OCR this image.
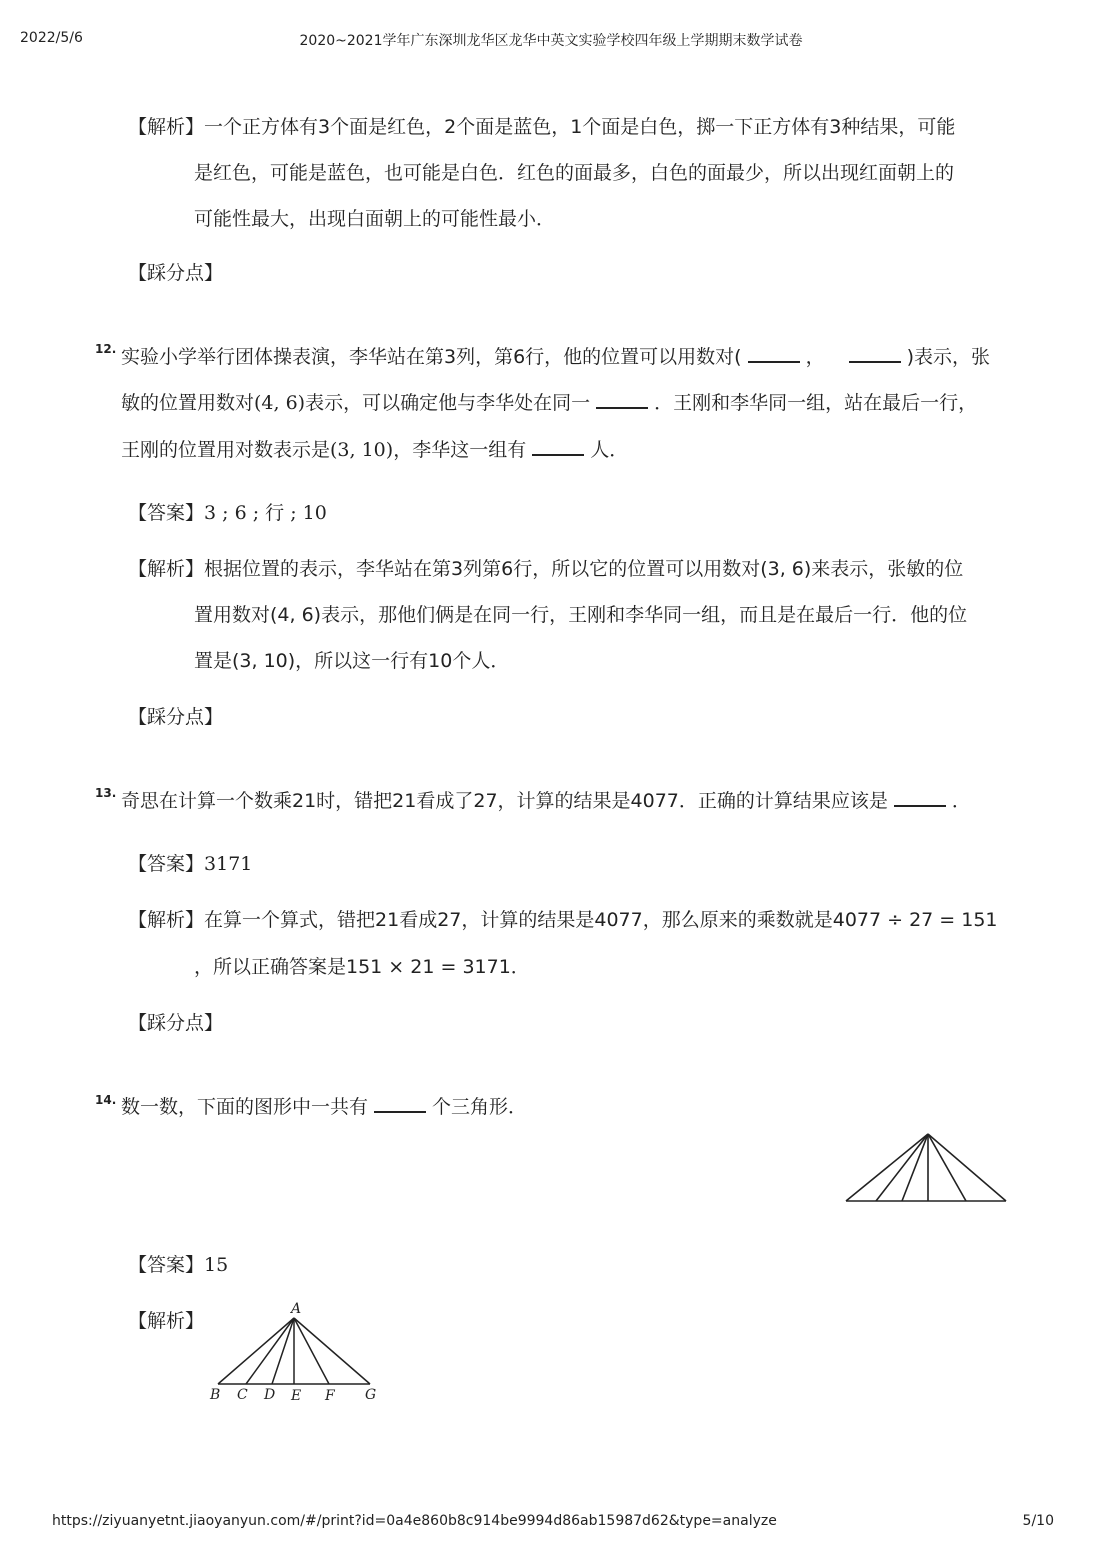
2022/5/6	2020~2021学年广东深圳龙华区龙华中英文实验学校四年级上学期期末数学试卷
【解析】一个正方体有3个面是红色，2个面是蓝色，1个面是白色，掷一下正方体有3种结果，可能
是红色，可能是蓝色，也可能是白色．红色的面最多，白色的面最少，所以出现红面朝上的
可能性最大，出现白面朝上的可能性最小．
【踩分点】
12. 实验小学举行团体操表演，李华站在第3列，第6行，他的位置可以用数对(	，	)表示，张
敏的位置用数对(4, 6)表示，可以确定他与李华处在同一	．王刚和李华同一组，站在最后一行，
王刚的位置用对数表示是(3, 10)，李华这一组有	人．
【答案】3 ; 6 ; 行 ; 10
【解析】根据位置的表示，李华站在第3列第6行，所以它的位置可以用数对(3, 6)来表示，张敏的位
置用数对(4, 6)表示，那他们俩是在同一行，王刚和李华同一组，而且是在最后一行．他的位
置是(3, 10)，所以这一行有10个人．
【踩分点】
13. 奇思在计算一个数乘21时，错把21看成了27，计算的结果是4077．正确的计算结果应该是	．
【答案】3171
【解析】在算一个算式，错把21看成27，计算的结果是4077，那么原来的乘数就是4077 ÷ 27 = 151
，所以正确答案是151 × 21 = 3171．
【踩分点】
14. 数一数，下面的图形中一共有	个三角形．
【答案】15
【解析】
A
B C D E F G
https://ziyuanyetnt.jiaoyanyun.com/#/print?id=0a4e860b8c914be9994d86ab15987d62&type=analyze	5/10
